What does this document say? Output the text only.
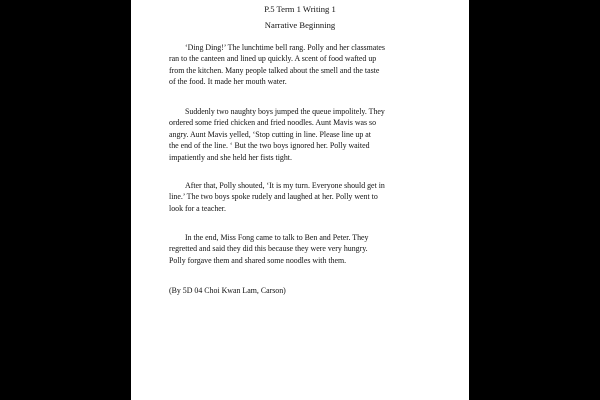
P.5 Term 1 Writing 1
Narrative Beginning
‘Ding Ding!’ The lunchtime bell rang. Polly and her classmates
ran to the canteen and lined up quickly. A scent of food wafted up
from the kitchen. Many people talked about the smell and the taste
of the food. It made her mouth water.
Suddenly two naughty boys jumped the queue impolitely. They
ordered some fried chicken and fried noodles. Aunt Mavis was so
angry. Aunt Mavis yelled, ‘Stop cutting in line. Please line up at
the end of the line. ‘ But the two boys ignored her. Polly waited
impatiently and she held her fists tight.
After that, Polly shouted, ‘It is my turn. Everyone should get in
line.’ The two boys spoke rudely and laughed at her. Polly went to
look for a teacher.
In the end, Miss Fong came to talk to Ben and Peter. They
regretted and said they did this because they were very hungry.
Polly forgave them and shared some noodles with them.
(By 5D 04 Choi Kwan Lam, Carson)
